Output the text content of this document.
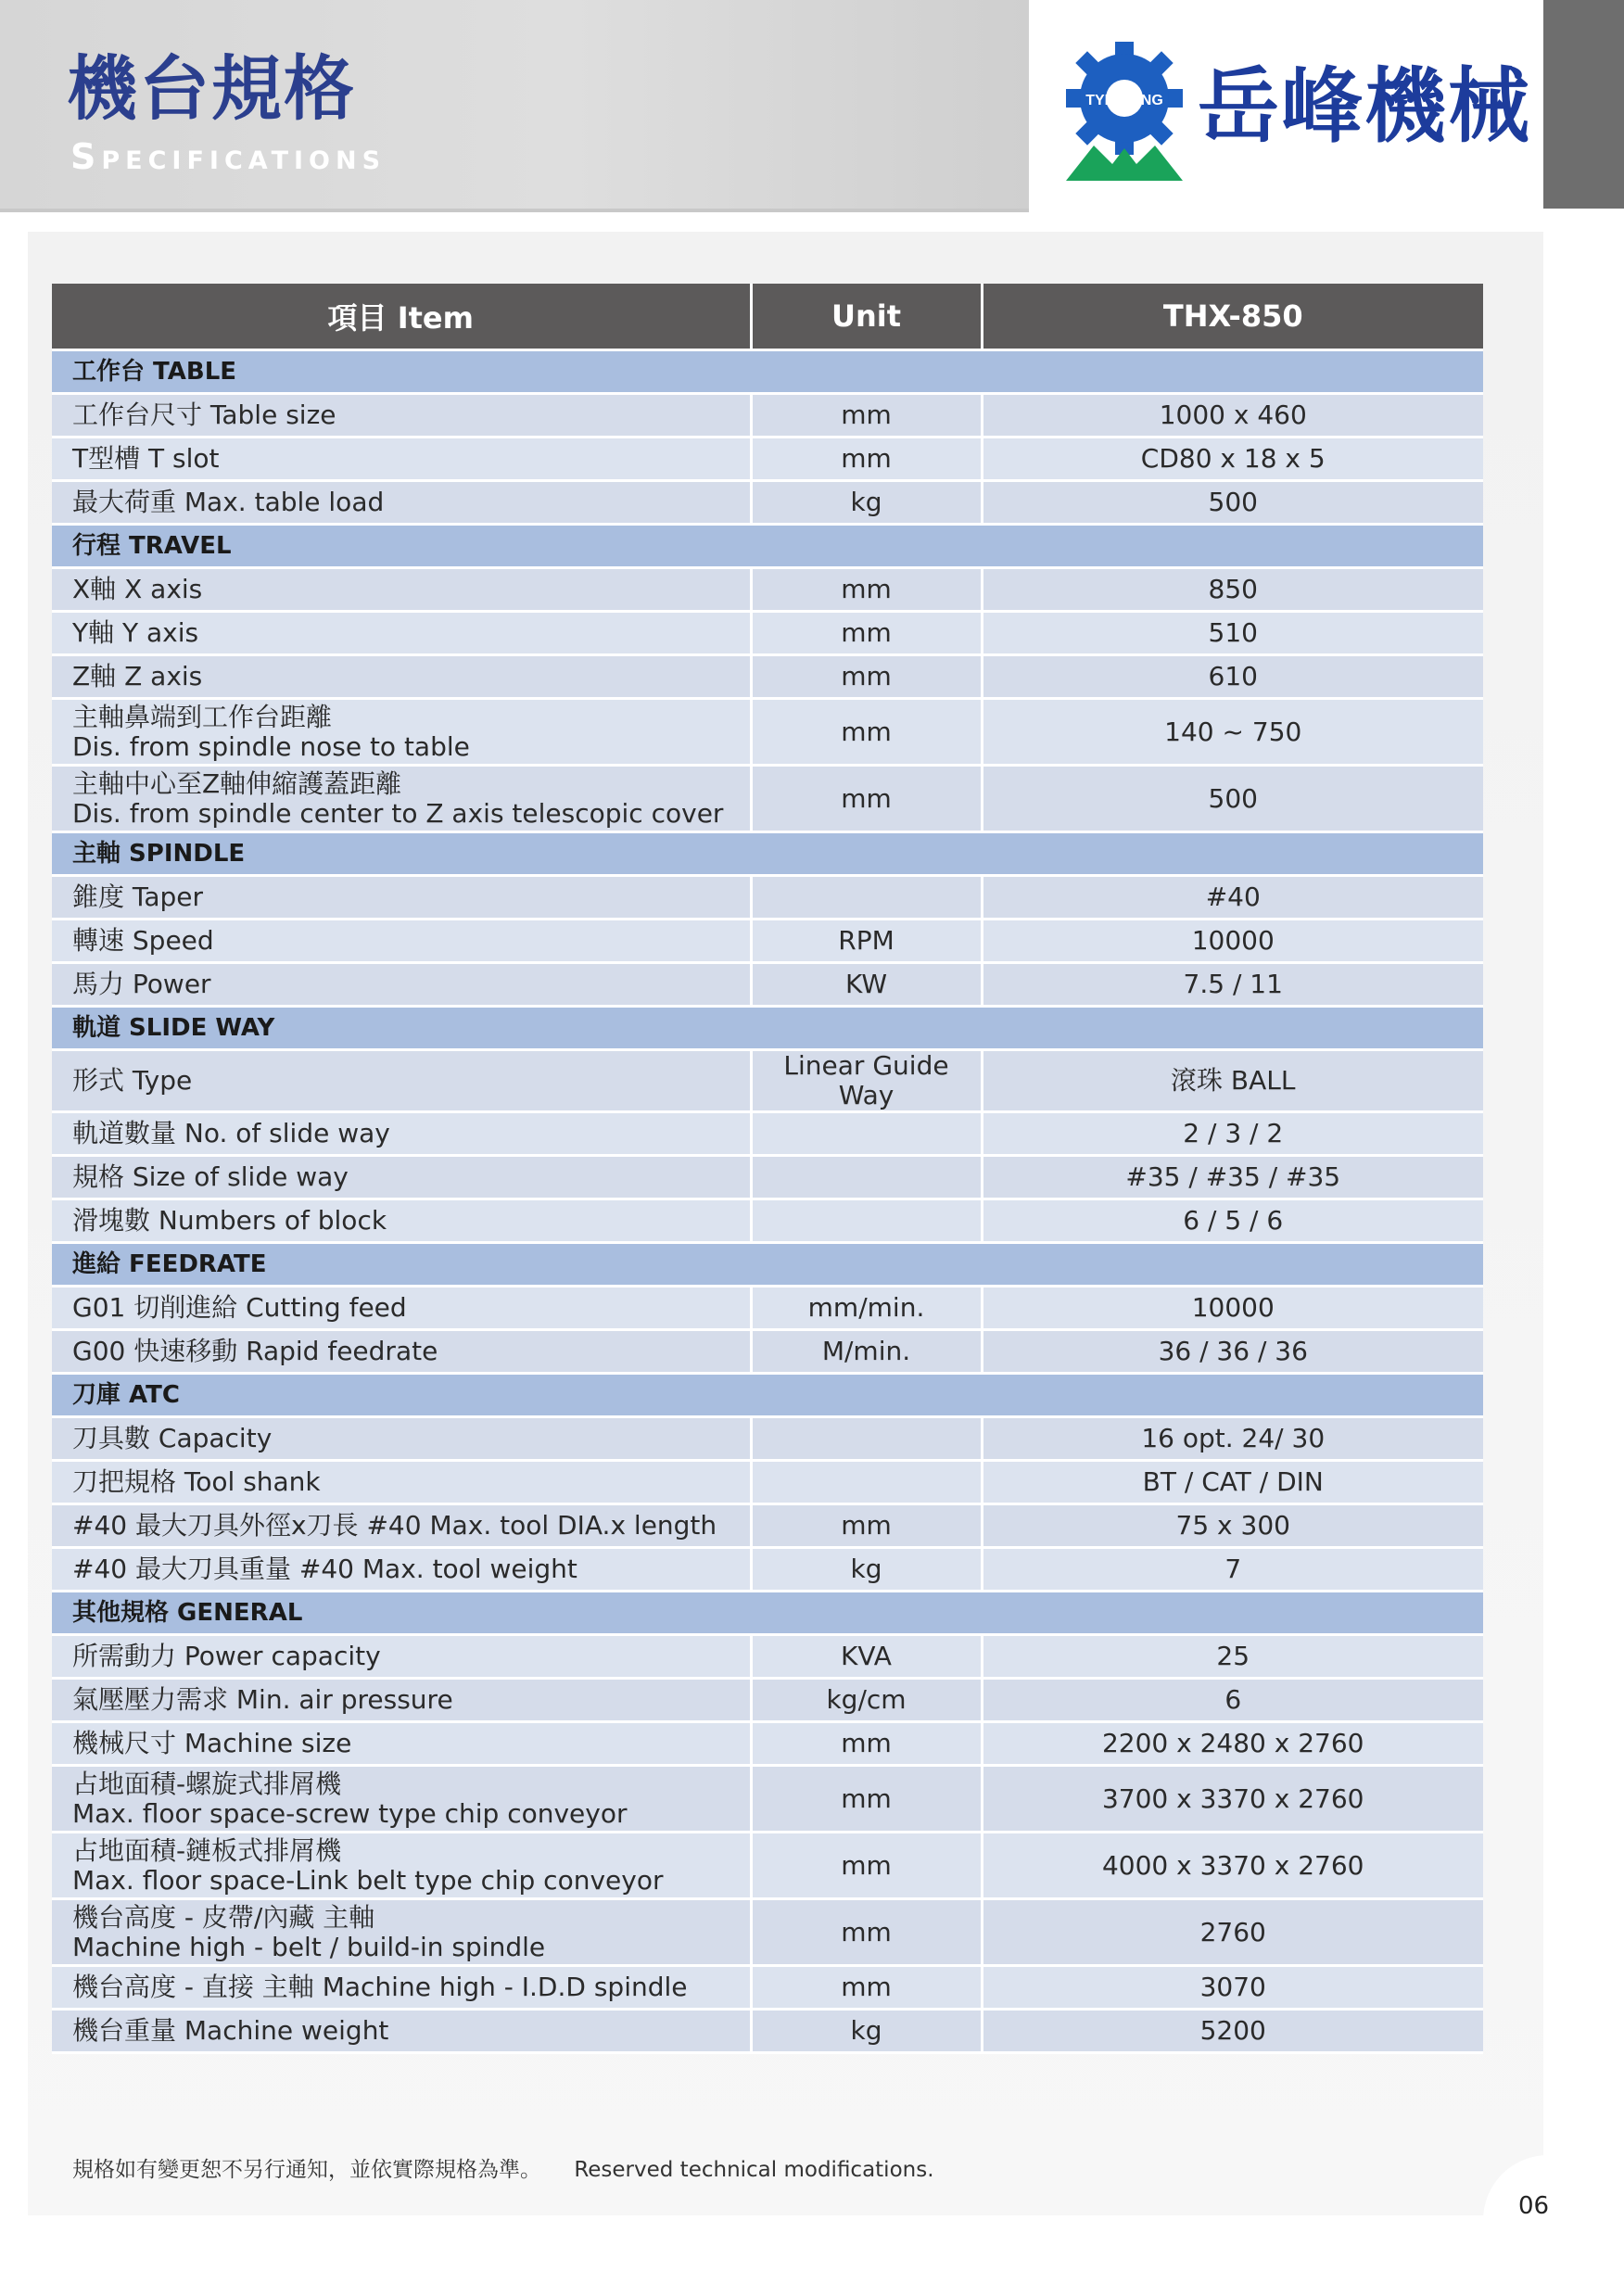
機台規格
Specifications
TYE HONG 岳峰機械
項目 Item	Unit	THX-850
工作台 TABLE		

工作台尺寸 Table size	mm	1000 x 460

T型槽 T slot	mm	CD80 x 18 x 5

最大荷重 Max. table load	kg	500
行程 TRAVEL		

X軸 X axis	mm	850

Y軸 Y axis	mm	510

Z軸 Z axis	mm	610

主軸鼻端到工作台距離
Dis. from spindle nose to table	mm	140 ~ 750

主軸中心至Z軸伸縮護蓋距離
Dis. from spindle center to Z axis telescopic cover	mm	500
主軸 SPINDLE		

錐度 Taper		#40

轉速 Speed	RPM	10000

馬力 Power	KW	7.5 / 11
軌道 SLIDE WAY		

形式 Type	Linear Guide Way	滾珠 BALL

軌道數量 No. of slide way		2 / 3 / 2

規格 Size of slide way		#35 / #35 / #35

滑塊數 Numbers of block		6 / 5 / 6
進給 FEEDRATE		

G01 切削進給 Cutting feed	mm/min.	10000

G00 快速移動 Rapid feedrate	M/min.	36 / 36 / 36
刀庫 ATC		

刀具數 Capacity		16 opt. 24/ 30

刀把規格 Tool shank		BT / CAT / DIN

#40 最大刀具外徑x刀長 #40 Max. tool DIA.x length	mm	75 x 300

#40 最大刀具重量 #40 Max. tool weight	kg	7
其他規格 GENERAL		

所需動力 Power capacity	KVA	25

氣壓壓力需求 Min. air pressure	kg/cm	6

機械尺寸 Machine size	mm	2200 x 2480 x 2760

占地面積-螺旋式排屑機
Max. floor space-screw type chip conveyor	mm	3700 x 3370 x 2760

占地面積-鏈板式排屑機
Max. floor space-Link belt type chip conveyor	mm	4000 x 3370 x 2760

機台高度 - 皮帶/內藏 主軸
Machine high - belt / build-in spindle	mm	2760

機台高度 - 直接 主軸 Machine high - I.D.D spindle	mm	3070

機台重量 Machine weight	kg	5200
規格如有變更恕不另行通知，並依實際規格為準。 Reserved technical modifications.
06
